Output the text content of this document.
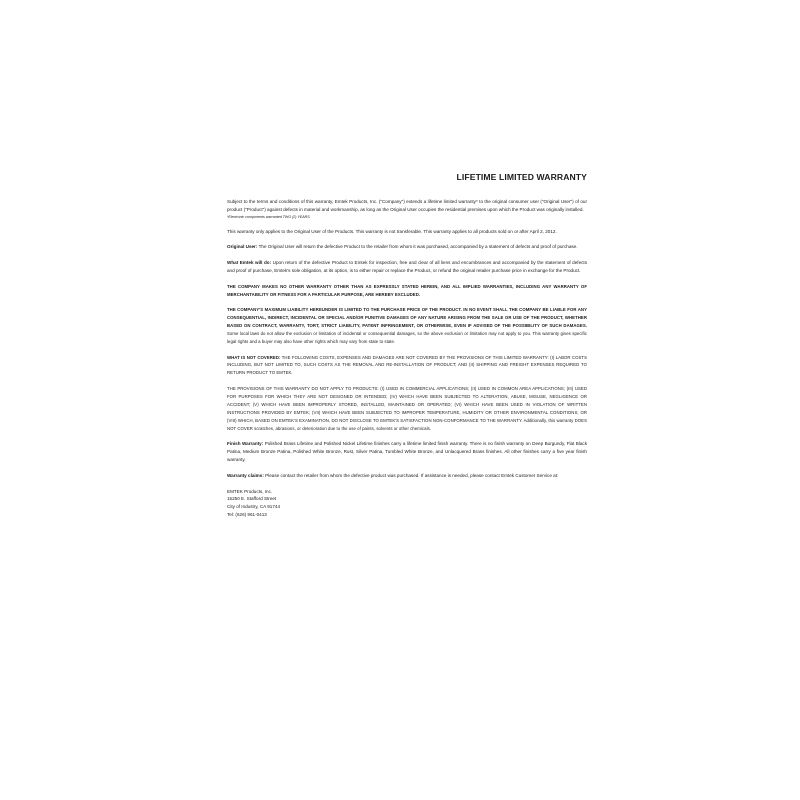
LIFETIME LIMITED WARRANTY

Subject to the terms and conditions of this warranty, Emtek Products, Inc. ("Company") extends a lifetime limited warranty* to the original consumer user ("Original User") of our product ("Product") against defects in material and workmanship, as long as the Original User occupies the residential premises upon which the Product was originally installed.
*Electronic components warranted TWO (2) YEARS

This warranty only applies to the Original User of the Products. This warranty is not transferable. This warranty applies to all products sold on or after April 2, 2012.

Original User: The Original User will return the defective Product to the retailer from whom it was purchased, accompanied by a statement of defects and proof of purchase.

What Emtek will do: Upon return of the defective Product to Emtek for inspection, free and clear of all liens and encumbrances and accompanied by the statement of defects and proof of purchase, Emtek's sole obligation, at its option, is to either repair or replace the Product, or refund the original retailer purchase price in exchange for the Product.

THE COMPANY MAKES NO OTHER WARRANTY OTHER THAN AS EXPRESSLY STATED HEREIN, AND ALL IMPLIED WARRANTIES, INCLUDING ANY WARRANTY OF MERCHANTABILITY OR FITNESS FOR A PARTICULAR PURPOSE, ARE HEREBY EXCLUDED.

THE COMPANY'S MAXIMUM LIABILITY HEREUNDER IS LIMITED TO THE PURCHASE PRICE OF THE PRODUCT. IN NO EVENT SHALL THE COMPANY BE LIABLE FOR ANY CONSEQUENTIAL, INDIRECT, INCIDENTAL OR SPECIAL AND/OR PUNITIVE DAMAGES OF ANY NATURE ARISING FROM THE SALE OR USE OF THE PRODUCT, WHETHER BASED ON CONTRACT, WARRANTY, TORT, STRICT LIABILITY, PATENT INFRINGEMENT, OR OTHERWISE, EVEN IF ADVISED OF THE POSSIBILITY OF SUCH DAMAGES. Some local laws do not allow the exclusion or limitation of incidental or consequential damages, so the above exclusion or limitation may not apply to you. This warranty gives specific legal rights and a buyer may also have other rights which may vary from state to state.

WHAT IS NOT COVERED: THE FOLLOWING COSTS, EXPENSES AND DAMAGES ARE NOT COVERED BY THE PROVISIONS OF THIS LIMITED WARRANTY: (I) LABOR COSTS INCLUDING, BUT NOT LIMITED TO, SUCH COSTS AS THE REMOVAL AND RE-INSTALLATION OF PRODUCT; AND (II) SHIPPING AND FREIGHT EXPENSES REQUIRED TO RETURN PRODUCT TO EMTEK.

THE PROVISIONS OF THIS WARRANTY DO NOT APPLY TO PRODUCTS: (I) USED IN COMMERCIAL APPLICATIONS; (II) USED IN COMMON AREA APPLICATIONS; (III) USED FOR PURPOSES FOR WHICH THEY ARE NOT DESIGNED OR INTENDED; (IV) WHICH HAVE BEEN SUBJECTED TO ALTERATION, ABUSE, MISUSE, NEGLIGENCE OR ACCIDENT; (V) WHICH HAVE BEEN IMPROPERLY STORED, INSTALLED, MAINTAINED OR OPERATED; (VI) WHICH HAVE BEEN USED IN VIOLATION OF WRITTEN INSTRUCTIONS PROVIDED BY EMTEK; (VII) WHICH HAVE BEEN SUBJECTED TO IMPROPER TEMPERATURE, HUMIDITY OR OTHER ENVIRONMENTAL CONDITIONS; OR (VIII) WHICH, BASED ON EMTEK'S EXAMINATION, DO NOT DISCLOSE TO EMTEK'S SATISFACTION NON-CONFORMANCE TO THE WARRANTY. Additionally, this warranty DOES NOT COVER scratches, abrasions, or deterioration due to the use of paints, solvents or other chemicals.

Finish Warranty: Polished Brass Lifetime and Polished Nickel Lifetime finishes carry a lifetime limited finish warranty. There is no finish warranty on Deep Burgundy, Flat Black Patina, Medium Bronze Patina, Polished White Bronze, Rust, Silver Patina, Tumbled White Bronze, and Unlacquered Brass finishes. All other finishes carry a five year finish warranty.

Warranty claims: Please contact the retailer from whom the defective product was purchased. If assistance is needed, please contact Emtek Customer Service at:

EMTEK Products, Inc.
15250 E. Stafford Street
City of Industry, CA 91744
Tel: (626) 961-0413
